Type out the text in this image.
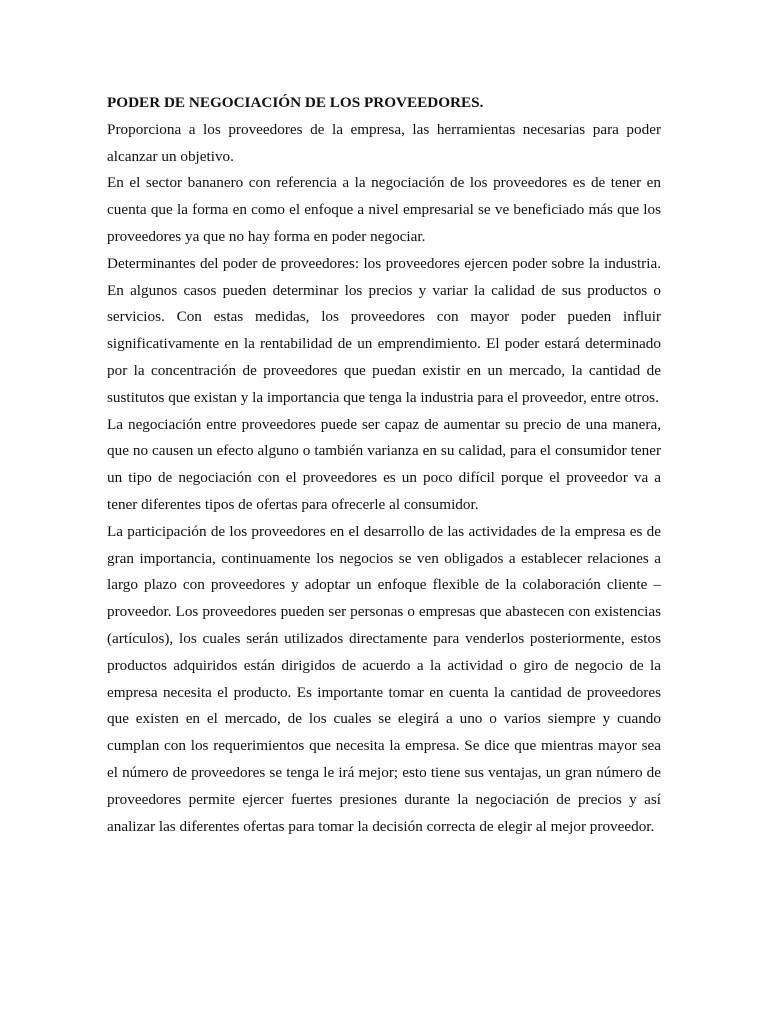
PODER DE NEGOCIACIÓN DE LOS PROVEEDORES.

Proporciona a los proveedores de la empresa, las herramientas necesarias para poder alcanzar un objetivo.

En el sector bananero con referencia a la negociación de los proveedores es de tener en cuenta que la forma en como el enfoque a nivel empresarial se ve beneficiado más que los proveedores ya que no hay forma en poder negociar.

Determinantes del poder de proveedores: los proveedores ejercen poder sobre la industria. En algunos casos pueden determinar los precios y variar la calidad de sus productos o servicios. Con estas medidas, los proveedores con mayor poder pueden influir significativamente en la rentabilidad de un emprendimiento. El poder estará determinado por la concentración de proveedores que puedan existir en un mercado, la cantidad de sustitutos que existan y la importancia que tenga la industria para el proveedor, entre otros.

La negociación entre proveedores puede ser capaz de aumentar su precio de una manera, que no causen un efecto alguno o también varianza en su calidad, para el consumidor tener un tipo de negociación con el proveedores es un poco difícil porque el proveedor va a tener diferentes tipos de ofertas para ofrecerle al consumidor.

La participación de los proveedores en el desarrollo de las actividades de la empresa es de gran importancia, continuamente los negocios se ven obligados a establecer relaciones a largo plazo con proveedores y adoptar un enfoque flexible de la colaboración cliente – proveedor. Los proveedores pueden ser personas o empresas que abastecen con existencias (artículos), los cuales serán utilizados directamente para venderlos posteriormente, estos productos adquiridos están dirigidos de acuerdo a la actividad o giro de negocio de la empresa necesita el producto. Es importante tomar en cuenta la cantidad de proveedores que existen en el mercado, de los cuales se elegirá a uno o varios siempre y cuando cumplan con los requerimientos que necesita la empresa. Se dice que mientras mayor sea el número de proveedores se tenga le irá mejor; esto tiene sus ventajas, un gran número de proveedores permite ejercer fuertes presiones durante la negociación de precios y así analizar las diferentes ofertas para tomar la decisión correcta de elegir al mejor proveedor.
